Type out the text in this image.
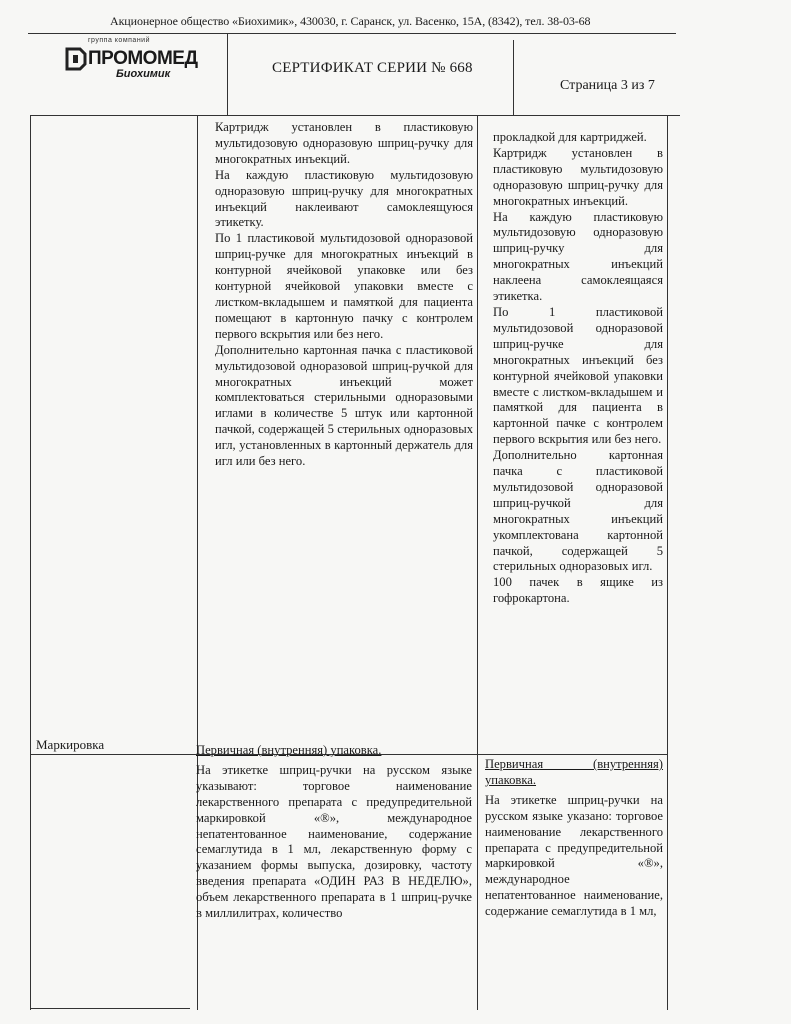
Акционерное общество «Биохимик», 430030, г. Саранск, ул. Васенко, 15А, (8342), тел. 38-03-68
группа компаний
ПРОМОМЕД
Биохимик	СЕРТИФИКАТ СЕРИИ № 668
Страница 3 из 7

Картридж установлен в пластиковую мультидозовую одноразовую шприц-ручку для многократных инъекций.

На каждую пластиковую мультидозовую одноразовую шприц-ручку для многократных инъекций наклеивают самоклеящуюся этикетку.

По 1 пластиковой мультидозовой одноразовой шприц-ручке для многократных инъекций в контурной ячейковой упаковке или без контурной ячейковой упаковки вместе с листком-вкладышем и памяткой для пациента помещают в картонную пачку с контролем первого вскрытия или без него.

Дополнительно картонная пачка с пластиковой мультидозовой одноразовой шприц-ручкой для многократных инъекций может комплектоваться стерильными одноразовыми иглами в количестве 5 штук или картонной пачкой, содержащей 5 стерильных одноразовых игл, установленных в картонный держатель для игл или без него.

прокладкой для картриджей.

Картридж установлен в пластиковую мультидозовую одноразовую шприц-ручку для многократных инъекций.

На каждую пластиковую мультидозовую одноразовую шприц-ручку для многократных инъекций наклеена самоклеящаяся этикетка.

По 1 пластиковой мультидозовой одноразовой шприц-ручке для многократных инъекций без контурной ячейковой упаковки вместе с листком-вкладышем и памяткой для пациента в картонной пачке с контролем первого вскрытия или без него.

Дополнительно картонная пачка с пластиковой мультидозовой одноразовой шприц-ручкой для многократных инъекций укомплектована картонной пачкой, содержащей 5 стерильных одноразовых игл.

100 пачек в ящике из гофрокартона.

Маркировка	Первичная (внутренняя) упаковка.

На этикетке шприц-ручки на русском языке указывают: торговое наименование лекарственного препарата с предупредительной маркировкой «®», международное непатентованное наименование, содержание семаглутида в 1 мл, лекарственную форму с указанием формы выпуска, дозировку, частоту введения препарата «ОДИН РАЗ В НЕДЕЛЮ», объем лекарственного препарата в 1 шприц-ручке в миллилитрах, количество

Первичная (внутренняя) упаковка.

На этикетке шприц-ручки на русском языке указано: торговое наименование лекарственного препарата с предупредительной маркировкой «®», международное непатентованное наименование, содержание семаглутида в 1 мл,
